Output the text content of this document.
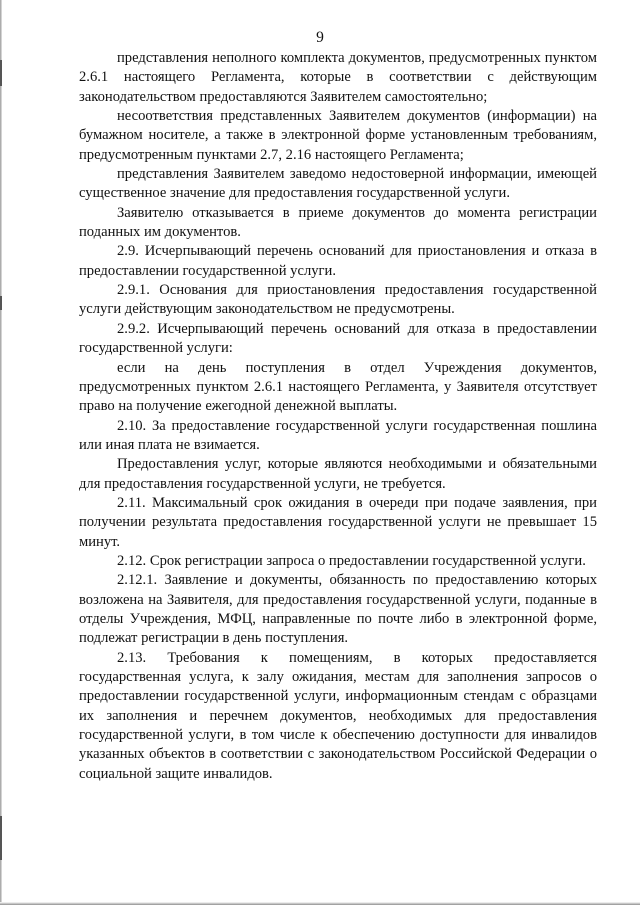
9

представления неполного комплекта документов, предусмотренных пунктом 2.6.1 настоящего Регламента, которые в соответствии с действующим законодательством предоставляются Заявителем самостоятельно;

несоответствия представленных Заявителем документов (информации) на бумажном носителе, а также в электронной форме установленным требованиям, предусмотренным пунктами 2.7, 2.16 настоящего Регламента;

представления Заявителем заведомо недостоверной информации, имеющей существенное значение для предоставления государственной услуги.

Заявителю отказывается в приеме документов до момента регистрации поданных им документов.

2.9. Исчерпывающий перечень оснований для приостановления и отказа в предоставлении государственной услуги.

2.9.1. Основания для приостановления предоставления государственной услуги действующим законодательством не предусмотрены.

2.9.2. Исчерпывающий перечень оснований для отказа в предоставлении государственной услуги:

если на день поступления в отдел Учреждения документов, предусмотренных пунктом 2.6.1 настоящего Регламента, у Заявителя отсутствует право на получение ежегодной денежной выплаты.

2.10. За предоставление государственной услуги государственная пошлина или иная плата не взимается.

Предоставления услуг, которые являются необходимыми и обязательными для предоставления государственной услуги, не требуется.

2.11. Максимальный срок ожидания в очереди при подаче заявления, при получении результата предоставления государственной услуги не превышает 15 минут.

2.12. Срок регистрации запроса о предоставлении государственной услуги.

2.12.1. Заявление и документы, обязанность по предоставлению которых возложена на Заявителя, для предоставления государственной услуги, поданные в отделы Учреждения, МФЦ, направленные по почте либо в электронной форме, подлежат регистрации в день поступления.

2.13. Требования к помещениям, в которых предоставляется государственная услуга, к залу ожидания, местам для заполнения запросов о предоставлении государственной услуги, информационным стендам с образцами их заполнения и перечнем документов, необходимых для предоставления государственной услуги, в том числе к обеспечению доступности для инвалидов указанных объектов в соответствии с законодательством Российской Федерации о социальной защите инвалидов.
